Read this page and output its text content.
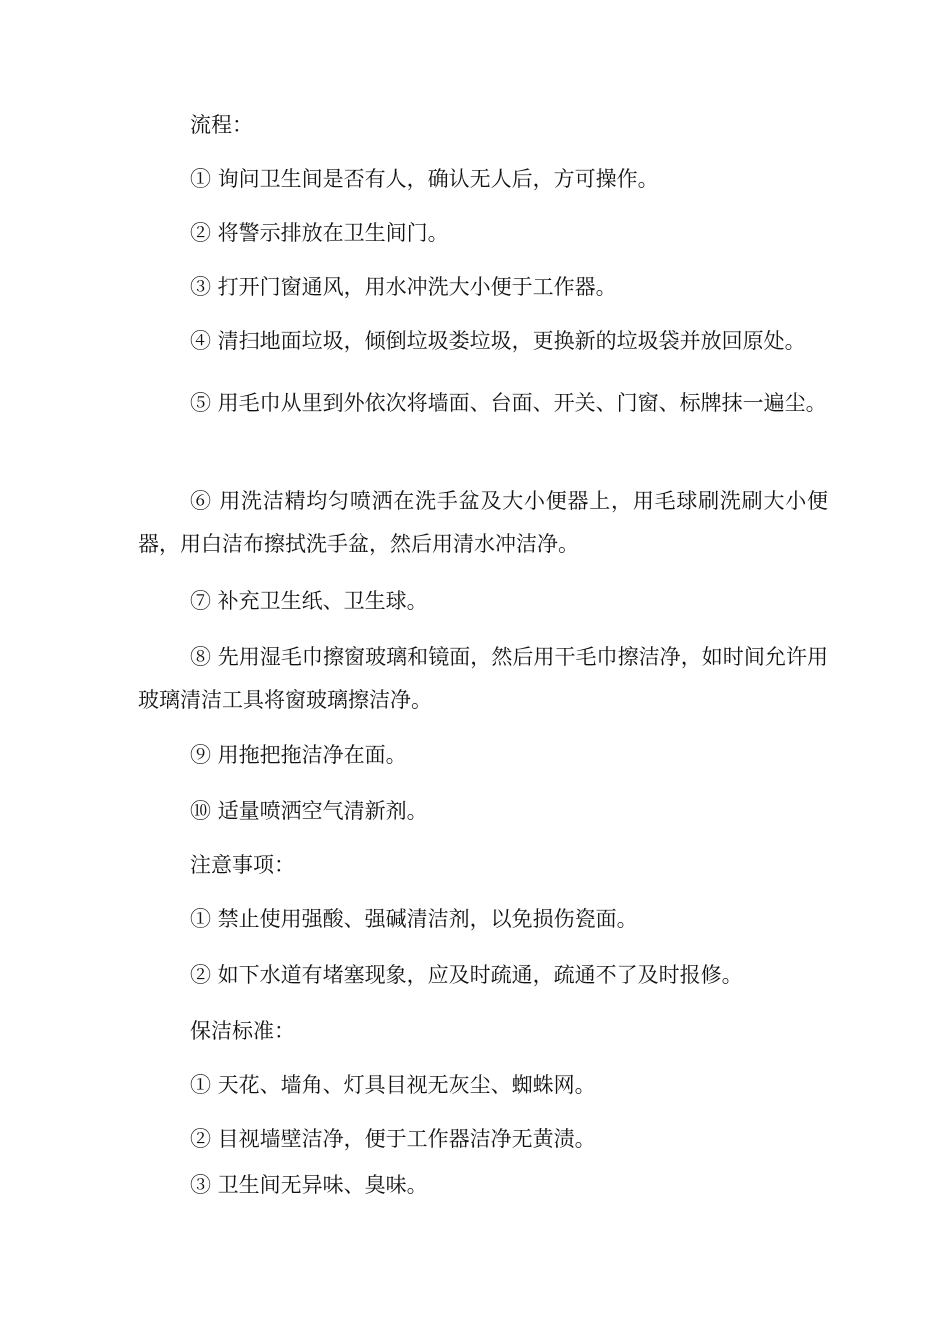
流程：
① 询问卫生间是否有人，确认无人后，方可操作。
② 将警示排放在卫生间门。
③ 打开门窗通风，用水冲洗大小便于工作器。
④ 清扫地面垃圾，倾倒垃圾娄垃圾，更换新的垃圾袋并放回原处。
⑤ 用毛巾从里到外依次将墙面、台面、开关、门窗、标牌抹一遍尘。
⑥ 用洗洁精均匀喷洒在洗手盆及大小便器上，用毛球刷洗刷大小便器，用白洁布擦拭洗手盆，然后用清水冲洁净。
⑦ 补充卫生纸、卫生球。
⑧ 先用湿毛巾擦窗玻璃和镜面，然后用干毛巾擦洁净，如时间允许用玻璃清洁工具将窗玻璃擦洁净。
⑨ 用拖把拖洁净在面。
⑩ 适量喷洒空气清新剂。
注意事项：
① 禁止使用强酸、强碱清洁剂，以免损伤瓷面。
② 如下水道有堵塞现象，应及时疏通，疏通不了及时报修。
保洁标准：
① 天花、墙角、灯具目视无灰尘、蜘蛛网。
② 目视墙壁洁净，便于工作器洁净无黄渍。
③ 卫生间无异味、臭味。
